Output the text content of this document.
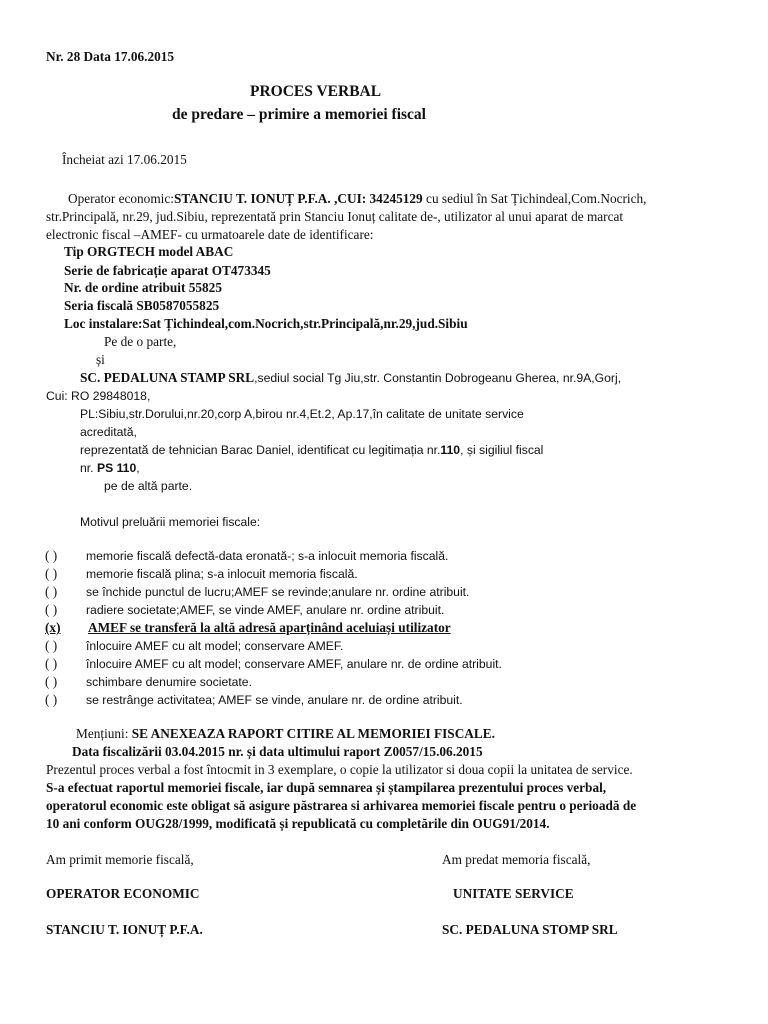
Nr. 28 Data 17.06.2015
PROCES VERBAL
de predare – primire a memoriei fiscal
Încheiat azi 17.06.2015
Operator economic:STANCIU T. IONUȚ P.F.A. ,CUI: 34245129 cu sediul în Sat Țichindeal,Com.Nocrich,
str.Principală, nr.29, jud.Sibiu, reprezentată prin Stanciu Ionuț calitate de-, utilizator al unui aparat de marcat
electronic fiscal –AMEF- cu urmatoarele date de identificare:
Tip ORGTECH model ABAC
Serie de fabricație aparat OT473345
Nr. de ordine atribuit 55825
Seria fiscală SB0587055825
Loc instalare:Sat Țichindeal,com.Nocrich,str.Principală,nr.29,jud.Sibiu
Pe de o parte,
și
SC. PEDALUNA STAMP SRL,sediul social Tg Jiu,str. Constantin Dobrogeanu Gherea, nr.9A,Gorj,
Cui: RO 29848018,
PL:Sibiu,str.Dorului,nr.20,corp A,birou nr.4,Et.2, Ap.17,în calitate de unitate service
acreditată,
reprezentată de tehnician Barac Daniel, identificat cu legitimația nr.110, și sigiliul fiscal
nr. PS 110,
pe de altă parte.
Motivul preluării memoriei fiscale:
( ) memorie fiscală defectă-data eronată-; s-a inlocuit memoria fiscală.
( ) memorie fiscală plina; s-a inlocuit memoria fiscală.
( ) se închide punctul de lucru;AMEF se revinde;anulare nr. ordine atribuit.
( ) radiere societate;AMEF, se vinde AMEF, anulare nr. ordine atribuit.
(x)	AMEF se transferă la altă adresă aparținând aceluiași utilizator
( ) înlocuire AMEF cu alt model; conservare AMEF.
( ) înlocuire AMEF cu alt model; conservare AMEF, anulare nr. de ordine atribuit.
( ) schimbare denumire societate.
( ) se restrânge activitatea; AMEF se vinde, anulare nr. de ordine atribuit.
Mențiuni: SE ANEXEAZA RAPORT CITIRE AL MEMORIEI FISCALE.
Data fiscalizării 03.04.2015 nr. și data ultimului raport Z0057/15.06.2015
Prezentul proces verbal a fost întocmit in 3 exemplare, o copie la utilizator si doua copii la unitatea de service.
S-a efectuat raportul memoriei fiscale, iar după semnarea și ștampilarea prezentului proces verbal,
operatorul economic este obligat să asigure păstrarea si arhivarea memoriei fiscale pentru o perioadă de
10 ani conform OUG28/1999, modificată și republicată cu completările din OUG91/2014.
Am primit memorie fiscală,	Am predat memoria fiscală,
OPERATOR ECONOMIC	UNITATE SERVICE
STANCIU T. IONUȚ P.F.A.	SC. PEDALUNA STOMP SRL
